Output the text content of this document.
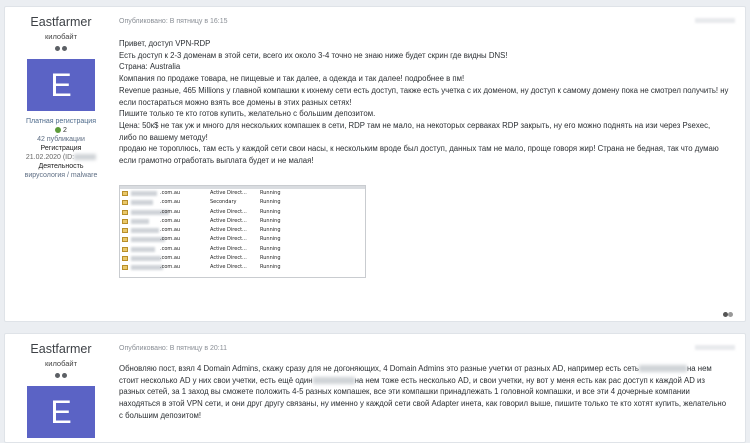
Eastfarmer
килобайт
E
Платная регистрация
2
42 публикации
Регистрация
21.02.2020 (ID:
Деятельность
вирусология / malware
Опубликовано: В пятницу в 16:15

Привет, доступ VPN-RDP

Есть доступ к 2-3 доменам в этой сети, всего их около 3-4 точно не знаю ниже будет скрин где видны DNS!

Страна: Australia

Компания по продаже товара, не пищевые и так далее, а одежда и так далее! подробнее в пм!

Revenue разные, 465 Millions у главной компашки к ихнему сети есть доступ, также есть учетка с их доменом, ну доступ к самому домену пока не смотрел получить! ну если постараться можно взять все домены в этих разных сетях!

Пишите только те кто готов купить, желательно с большим депозитом.

Цена: 50к$ не так уж и много для нескольких компашек в сети, RDP там не мало, на некоторых серваках RDP закрыть, ну его можно поднять на изи через Psexec, либо по вашему методу!

продаю не тороплюсь, там есть у каждой сети свои насы, к нескольким вроде был доступ, данных там не мало, проще говоря жир! Страна не бедная, так что думаю если грамотно отработать выплата будет и не малая!

.com.au	Active Direct...	Running
.com.au	Secondary	Running
.com.au	Active Direct...	Running
.com.au	Active Direct...	Running
.com.au	Active Direct...	Running
.com.au	Active Direct...	Running
.com.au	Active Direct...	Running
.com.au	Active Direct...	Running
.com.au	Active Direct...	Running
Eastfarmer
килобайт
E
Опубликовано: В пятницу в 20:11

Обновляю пост, взял 4 Domain Admins, скажу сразу для не догоняющих, 4 Domain Admins это разные учетки от разных AD, например есть сеть	на нем стоит несколько AD у них свои учетки, есть ещё один	на нем тоже есть несколько AD, и свои учетки, ну вот у меня есть как рас доступ к каждой AD из разных сетей, за 1 заход вы сможете положить 4-5 разных компашек, все эти компашки принадлежать 1 головной компашки, и все эти 4 дочерные компании находяться в этой VPN сети, и они друг другу связаны, ну именно у каждой сети свой Adapter инета, как говорил выше, пишите только те кто хотят купить, желательно с большим депозитом!
